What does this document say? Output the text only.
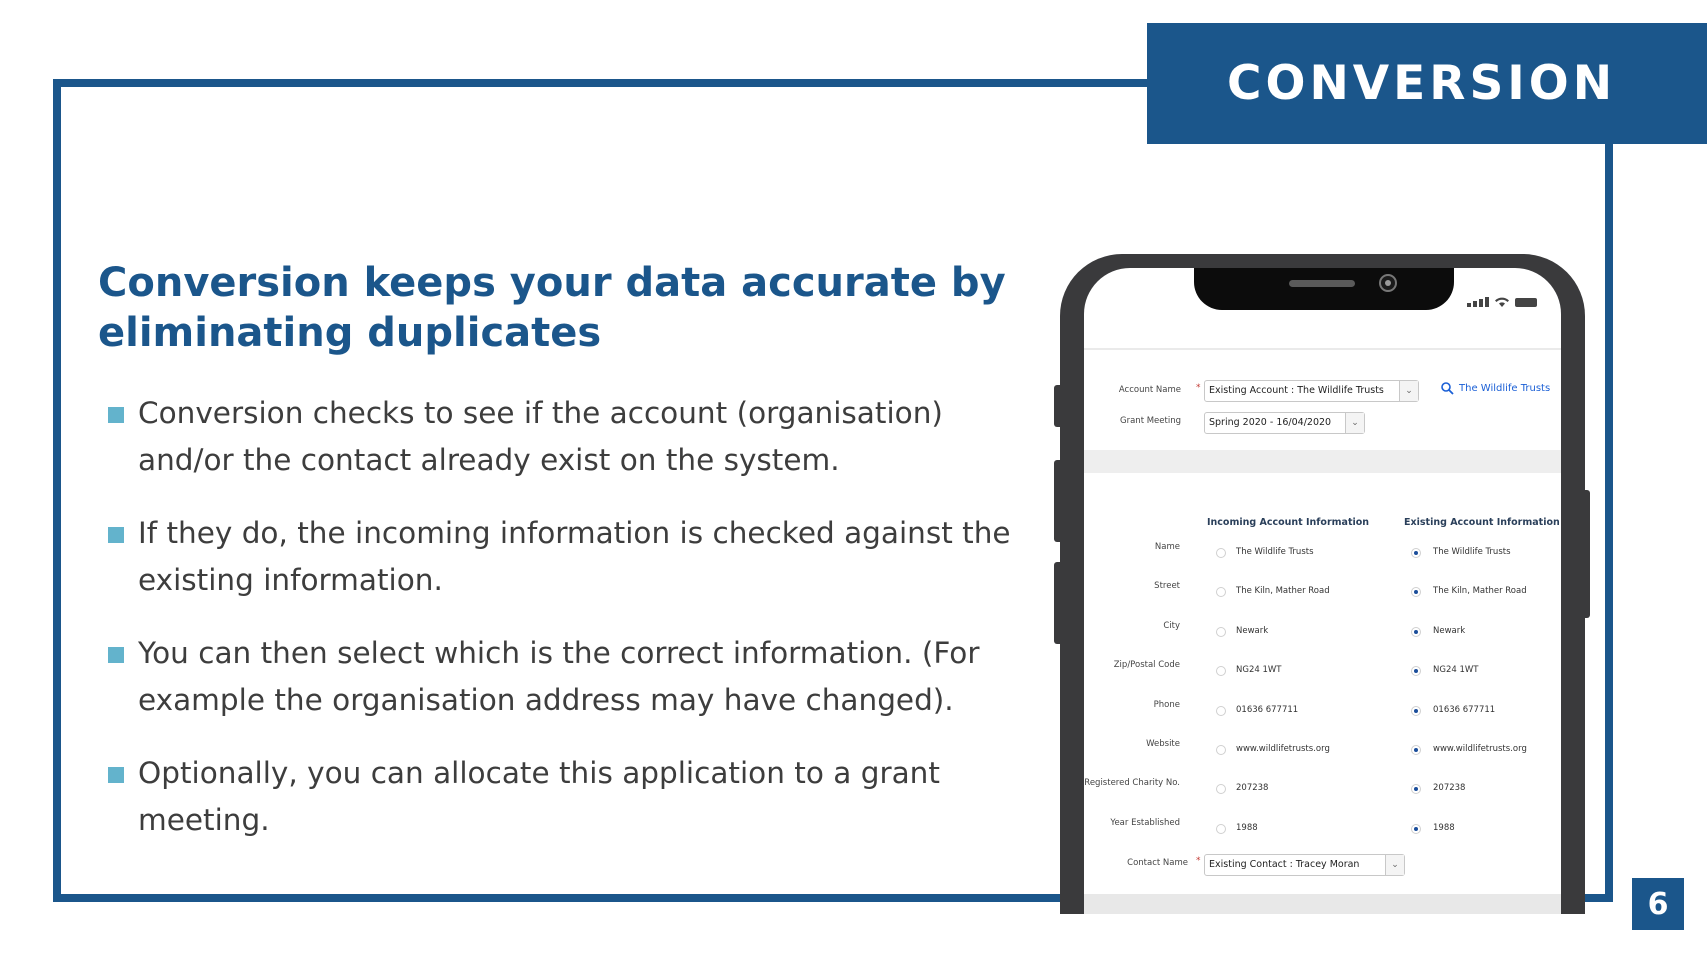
CONVERSION
6
Conversion keeps your data accurate by eliminating duplicates
Conversion checks to see if the account (organisation) and/or the contact already exist on the system.
If they do, the incoming information is checked against the existing information.
You can then select which is the correct information. (For example the organisation address may have changed).
Optionally, you can allocate this application to a grant meeting.
Account Name * Existing Account : The Wildlife Trusts	⌄	The Wildlife Trusts
Grant Meeting	Spring 2020 - 16/04/2020	⌄
Incoming Account Information	Existing Account Information
Name	The Wildlife Trusts	The Wildlife Trusts
Street	The Kiln, Mather Road	The Kiln, Mather Road
City	Newark	Newark
Zip/Postal Code	NG24 1WT	NG24 1WT
Phone	01636 677711	01636 677711
Website	www.wildlifetrusts.org	www.wildlifetrusts.org
Registered Charity No.	207238	207238
Year Established	1988	1988
Contact Name * Existing Contact : Tracey Moran	⌄
